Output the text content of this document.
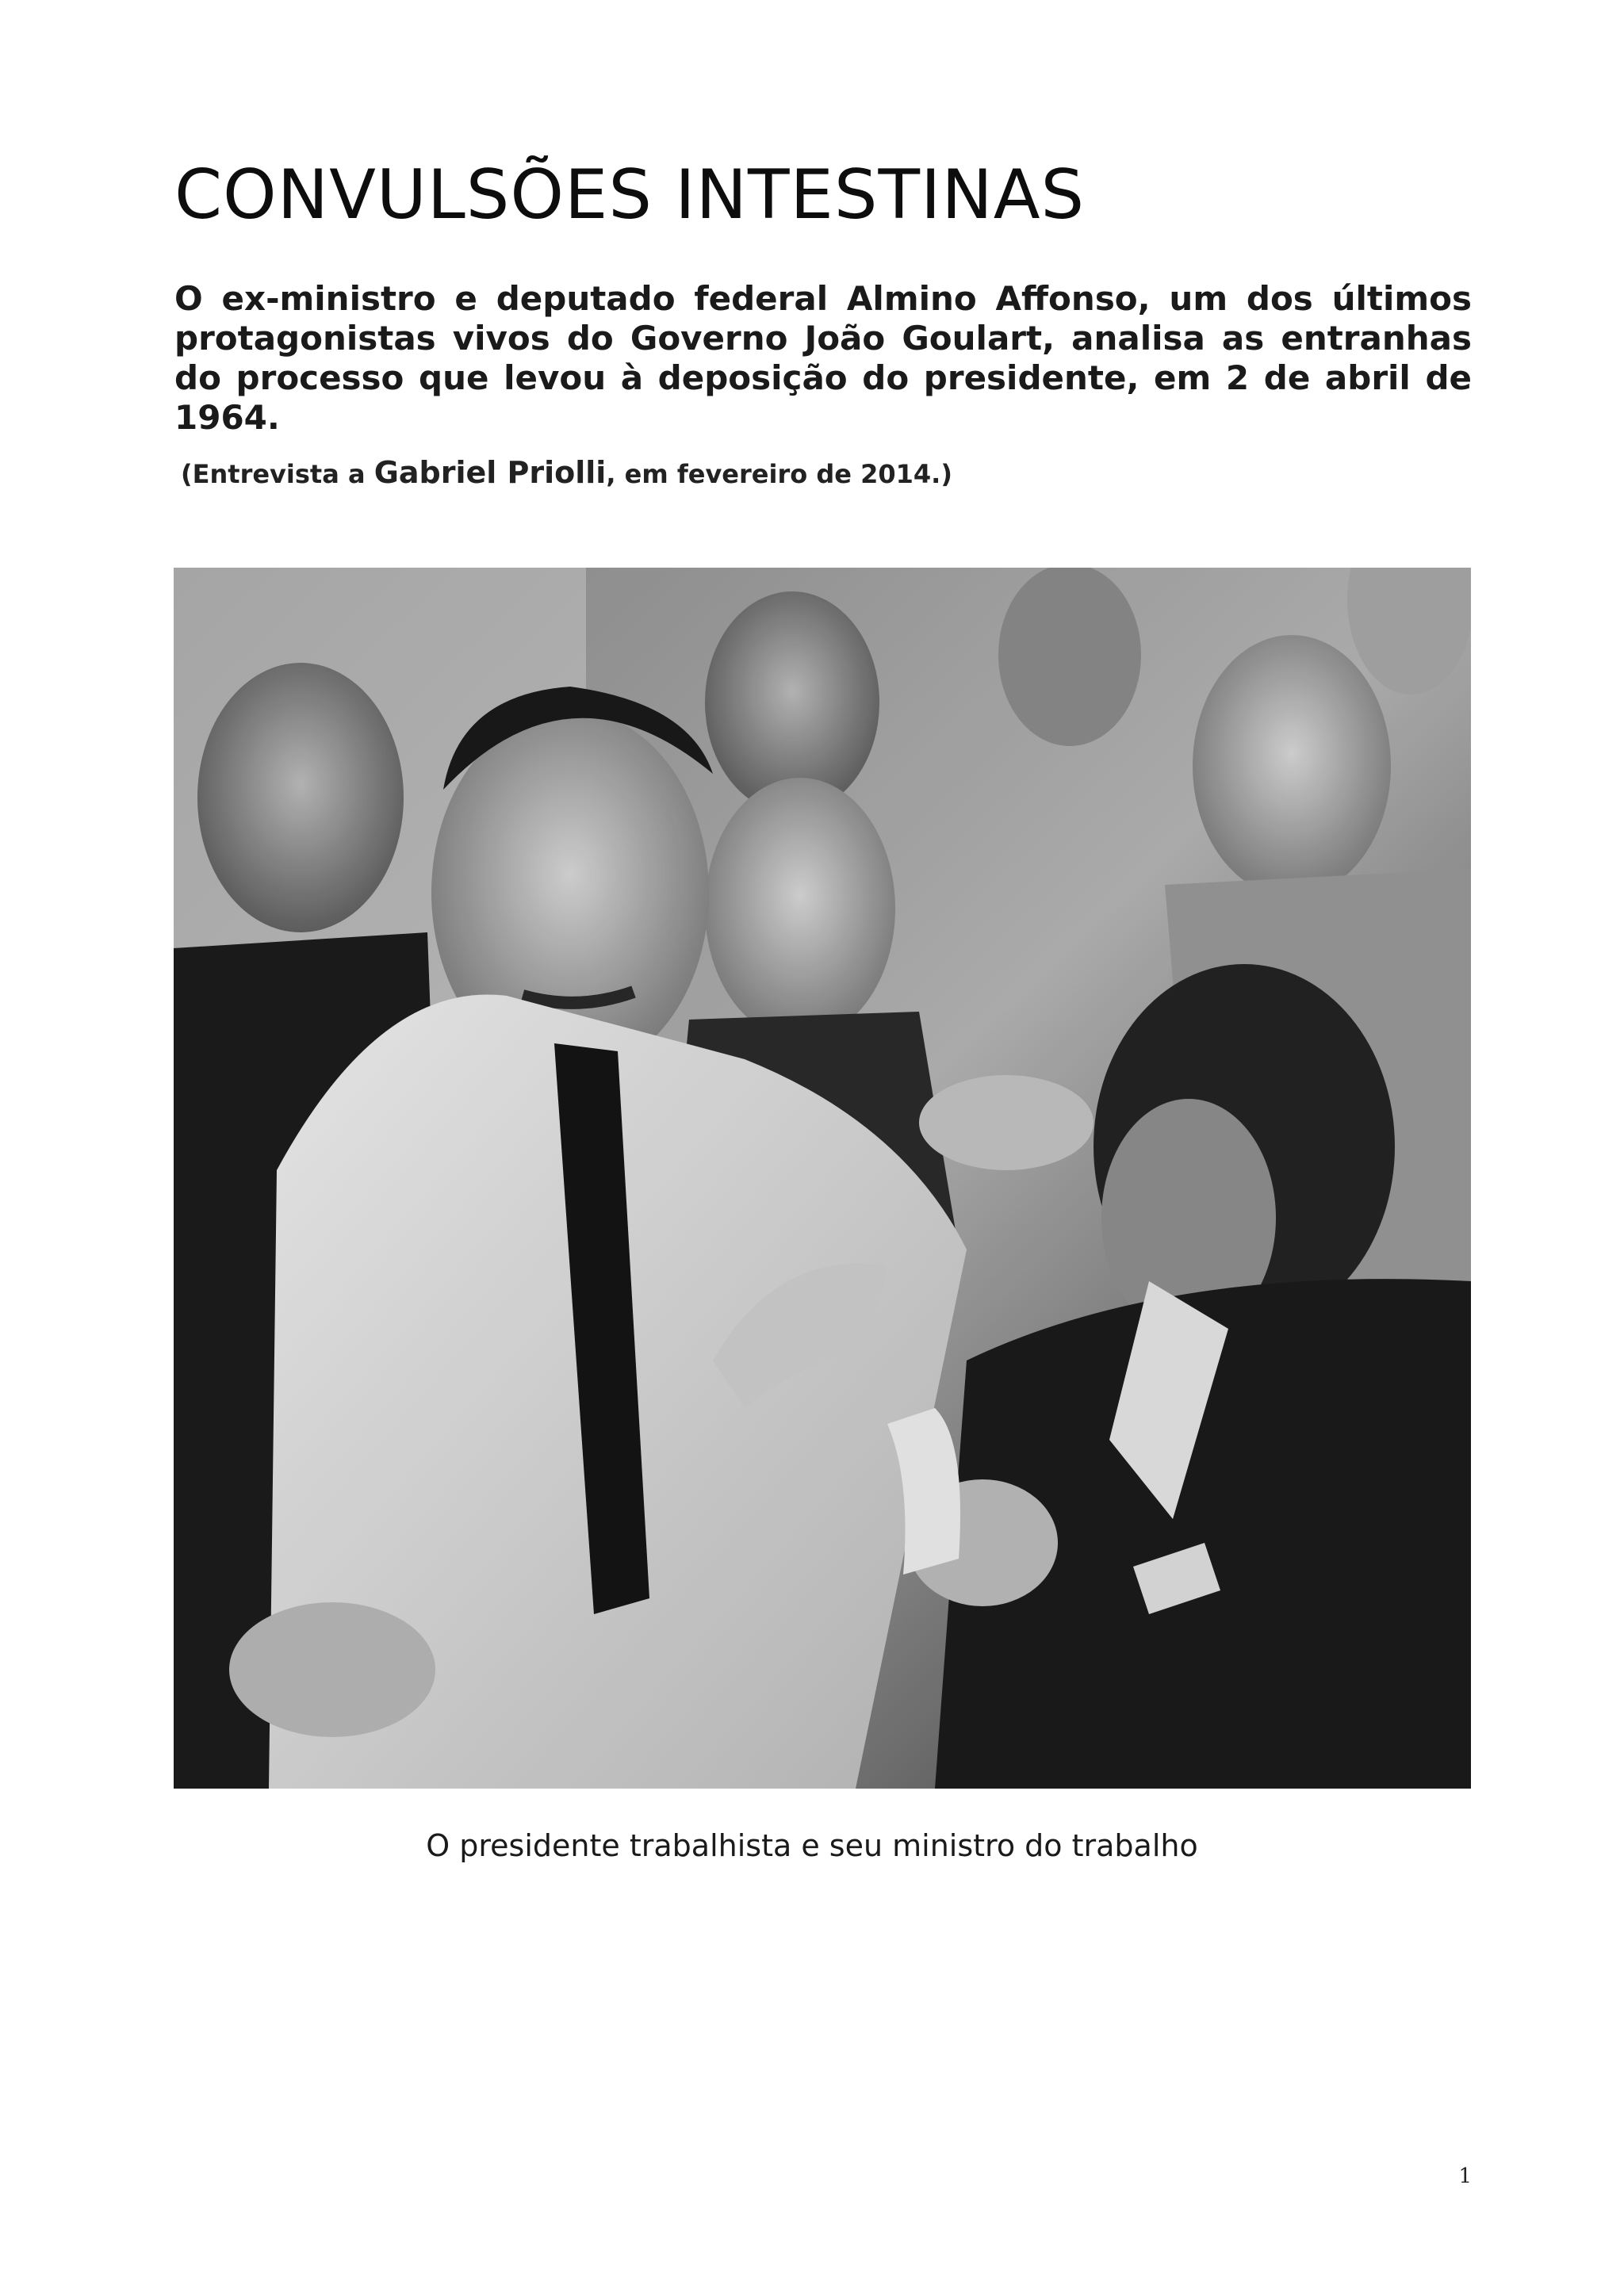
CONVULSÕES INTESTINAS

O ex-ministro e deputado federal Almino Affonso, um dos últimos protagonistas vivos do Governo João Goulart, analisa as entranhas do processo que levou à deposição do presidente, em 2 de abril de 1964.

(Entrevista a Gabriel Priolli, em fevereiro de 2014.)

O presidente trabalhista e seu ministro do trabalho

1
